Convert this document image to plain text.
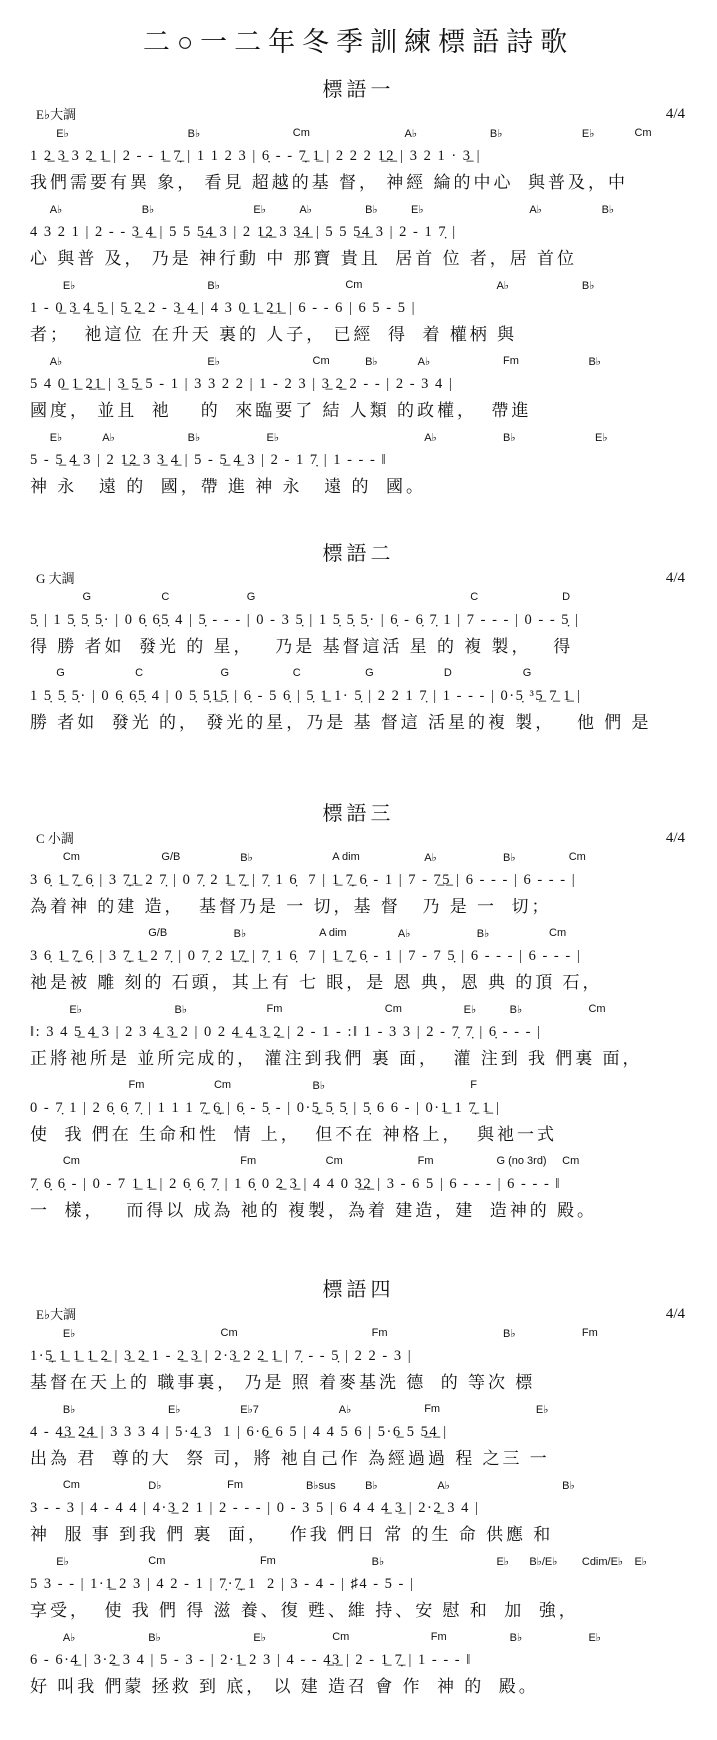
二○一二年冬季訓練標語詩歌
標語一
E♭大調	4/4
E♭	B♭	Cm	A♭	B♭	E♭	Cm
1 2̲ 3̲ 3 2̲ 1̲ | 2 - - 1̲ 7̣̲ | 1 1 2 3 | 6̣ - - 7̣̲ 1̲ | 2 2 2 1̲2̲ | 3 2 1 · 3̲ |
我們需要有異 象， 看見 超越的基 督， 神經 綸的中心  與普及，中
A♭	B♭	E♭	A♭	B♭	E♭	A♭	B♭
4 3 2 1 | 2 - - 3̲ 4̲ | 5 5 5̲4̲ 3 | 2 1̲2̲ 3 3̲4̲ | 5 5 5̲4̲ 3 | 2 - 1 7̣ |
心 與普 及， 乃是 神行動 中 那寶 貴且  居首 位 者，居 首位
E♭	B♭	Cm	A♭	B♭
1 - 0̲ 3̲ 4̲ 5̲ | 5̲ 2̲ 2 - 3̲ 4̲ | 4 3 0̲ 1̲ 2̲1̲ | 6 - - 6 | 6 5 - 5 |
者；  祂這位 在升天 裏的 人子， 已經  得  着 權柄 與
A♭	E♭	Cm	B♭	A♭	Fm	B♭
5 4 0̲ 1̲ 2̲1̲ | 3̲ 5̲ 5 - 1 | 3 3 2 2 | 1 - 2 3 | 3̲ 2̲ 2 - - | 2 - 3 4 |
國度， 並且  祂    的  來臨要了 結 人類 的政權，  帶進
E♭	A♭	B♭	E♭	A♭	B♭	E♭
5 - 5̲ 4̲ 3 | 2 1̲2̲ 3 3̲ 4̲ | 5 - 5̲ 4̲ 3 | 2 - 1 7̣ | 1 - - - ‖
神 永   遠 的  國，帶 進 神 永   遠 的  國。
標語二
G 大調	4/4
G	C	G	C	D
5̣ | 1 5̣ 5̣ 5̣· | 0 6̣ 6̣5̣ 4 | 5̣ - - - | 0 - 3 5̣ | 1 5̣ 5̣ 5̣· | 6̣ - 6̣ 7̣ 1 | 7 - - - | 0 - - 5̣ |
得 勝 者如  發光 的 星，   乃是 基督這活 星 的 複 製，   得
G	C	G	C	G	D	G
1 5̣ 5̣ 5̣· | 0 6̣ 6̣5̣ 4 | 0 5̣ 5̣1̲5̣ | 6̣ - 5 6̣ | 5̣ 1̲ 1· 5̣ | 2 2 1 7̣ | 1 - - - | 0·5̣ ³5̲ 7̲ 1̲ |
勝 者如  發光 的， 發光的星，乃是 基 督這 活星的複 製，   他 們 是
標語三
C 小調	4/4
Cm	G/B	B♭	A dim	A♭	B♭	Cm
3 6̣ 1̲ 7̣̲ 6̣ | 3 7̣̲1̲ 2 7̣ | 0 7̣ 2 1̲ 7̣̲ | 7̣ 1 6̣  7 | 1̲ 7̣̲ 6̣ - 1 | 7 - 7̲5̲ | 6 - - - | 6 - - - |
為着神 的建 造，  基督乃是 一 切，基 督   乃 是 一  切；
G/B	B♭	A dim	A♭	B♭	Cm
3 6̣ 1̲ 7̣̲ 6̣ | 3 7̣̲ 1̲ 2 7̣ | 0 7̣ 2 1̲7̣̲ | 7̣ 1 6̣  7 | 1̲ 7̣̲ 6̣ - 1 | 7 - 7 5̣ | 6 - - - | 6 - - - |
祂是被 雕 刻的 石頭，其上有 七 眼，是 恩 典，恩 典 的頂 石，
E♭	B♭	Fm	Cm	E♭	B♭	Cm
‖: 3 4 5̲ 4̲ 3 | 2 3 4̲ 3̲ 2 | 0 2 4̲ 4̲ 3̲ 2̲ | 2 - 1 - :‖ 1 - 3 3 | 2 - 7̣ 7̣ | 6̣ - - - |
正將祂所是 並所完成的， 灌注到我們 裏 面，  灌 注到 我 們裏 面，
Fm	Cm	B♭	F
0 - 7̣ 1 | 2 6̣ 6̣ 7̣ | 1 1 1 7̣̲ 6̣̲ | 6̣ - 5̣ - | 0·5̣̲ 5̣ 5̣ | 5̣ 6 6 - | 0·1̲ 1 7̣̲ 1̲ |
使  我 們在 生命和性  情 上，  但不在 神格上，  與祂一式
Cm	Fm	Cm	Fm	G (no 3rd) Cm
7̣ 6̣ 6̣ - | 0 - 7 1̲ 1̲ | 2 6̣ 6̣ 7̣ | 1 6̣ 0 2̲ 3̲ | 4 4 0 3̲2̲ | 3 - 6 5 | 6 - - - | 6 - - - ‖
一  樣，   而得以 成為 祂的 複製，為着 建造，建  造神的 殿。
標語四
E♭大調	4/4
E♭	Cm	Fm	B♭	Fm
1·5̣̲ 1̲ 1̲ 1̲ 2̲ | 3̲ 2̲ 1 - 2̲ 3̲ | 2·3̲ 2 2̲ 1̲ | 7̣ - - 5̣ | 2 2 - 3 |
基督在天上的 職事裏， 乃是 照 着麥基洗 德  的 等次 標
B♭	E♭	E♭7	A♭	Fm	E♭
4 - 4̲3̲ 2̲4̲ | 3 3 3 4 | 5·4̲ 3  1 | 6·6̲ 6 5 | 4 4 5 6 | 5·6̲ 5 5̲4̲ |
出為 君  尊的大  祭 司，將 祂自己作 為經過過 程 之三 一
Cm	D♭	Fm	B♭sus	B♭	A♭	B♭
3 - - 3 | 4 - 4 4 | 4·3̲ 2 1 | 2 - - - | 0 - 3 5 | 6 4 4 4̲ 3̲ | 2·2̲ 3 4 |
神  服 事 到我 們 裏  面，   作我 們日 常 的生 命 供應 和
E♭	Cm	Fm	B♭	E♭ B♭/E♭ Cdim/E♭ E♭
5 3 - - | 1·1̲ 2 3 | 4 2 - 1 | 7̣·7̣̲ 1  2 | 3 - 4 - | ♯4 - 5 - |
享受，  使 我 們 得 滋 養、復 甦、維 持、安 慰 和  加  強，
A♭	B♭	E♭	Cm	Fm	B♭	E♭
6 - 6·4̲ | 3·2̲ 3 4 | 5 - 3 - | 2·1̲ 2 3 | 4 - - 4̲3̲ | 2 - 1̲ 7̣̲ | 1 - - - ‖
好 叫我 們蒙 拯救 到 底， 以 建 造召 會 作  神 的  殿。
